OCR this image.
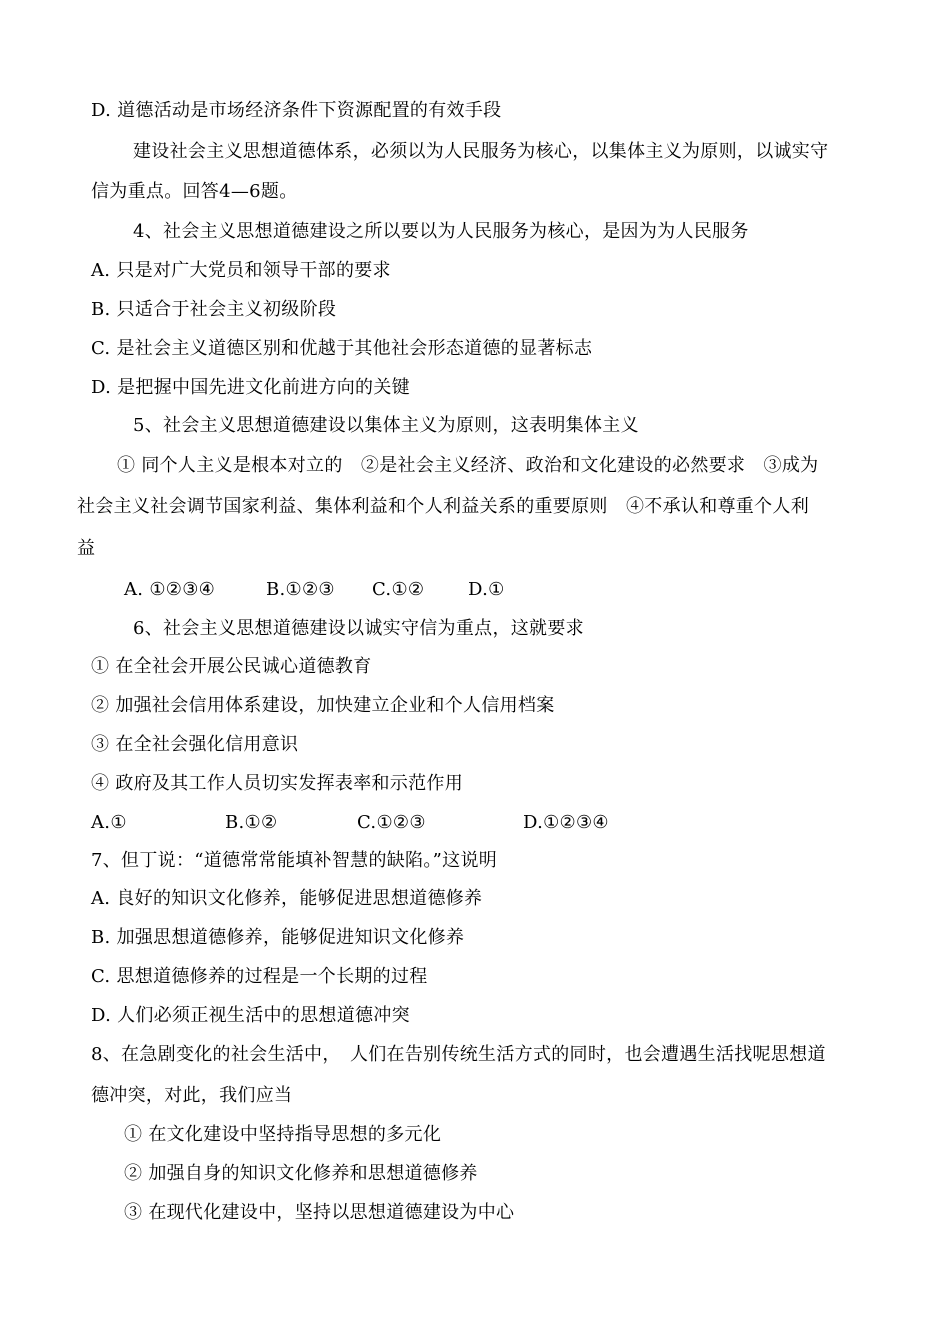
D. 道德活动是市场经济条件下资源配置的有效手段
建设社会主义思想道德体系，必须以为人民服务为核心，以集体主义为原则，以诚实守
信为重点。回答4—6题。
4、社会主义思想道德建设之所以要以为人民服务为核心，是因为为人民服务
A. 只是对广大党员和领导干部的要求
B. 只适合于社会主义初级阶段
C. 是社会主义道德区别和优越于其他社会形态道德的显著标志
D. 是把握中国先进文化前进方向的关键
5、社会主义思想道德建设以集体主义为原则，这表明集体主义
① 同个人主义是根本对立的　②是社会主义经济、政治和文化建设的必然要求　③成为
社会主义社会调节国家利益、集体利益和个人利益关系的重要原则　④不承认和尊重个人利
益
A. ①②③④	B.①②③ C.①② D.①
6、社会主义思想道德建设以诚实守信为重点，这就要求
① 在全社会开展公民诚心道德教育
② 加强社会信用体系建设，加快建立企业和个人信用档案
③ 在全社会强化信用意识
④ 政府及其工作人员切实发挥表率和示范作用
A.①	B.①②	C.①②③	D.①②③④
7、但丁说：“道德常常能填补智慧的缺陷。”这说明
A. 良好的知识文化修养，能够促进思想道德修养
B. 加强思想道德修养，能够促进知识文化修养
C. 思想道德修养的过程是一个长期的过程
D. 人们必须正视生活中的思想道德冲突
8、在急剧变化的社会生活中，　人们在告别传统生活方式的同时，也会遭遇生活找呢思想道
德冲突，对此，我们应当
① 在文化建设中坚持指导思想的多元化
② 加强自身的知识文化修养和思想道德修养
③ 在现代化建设中，坚持以思想道德建设为中心
